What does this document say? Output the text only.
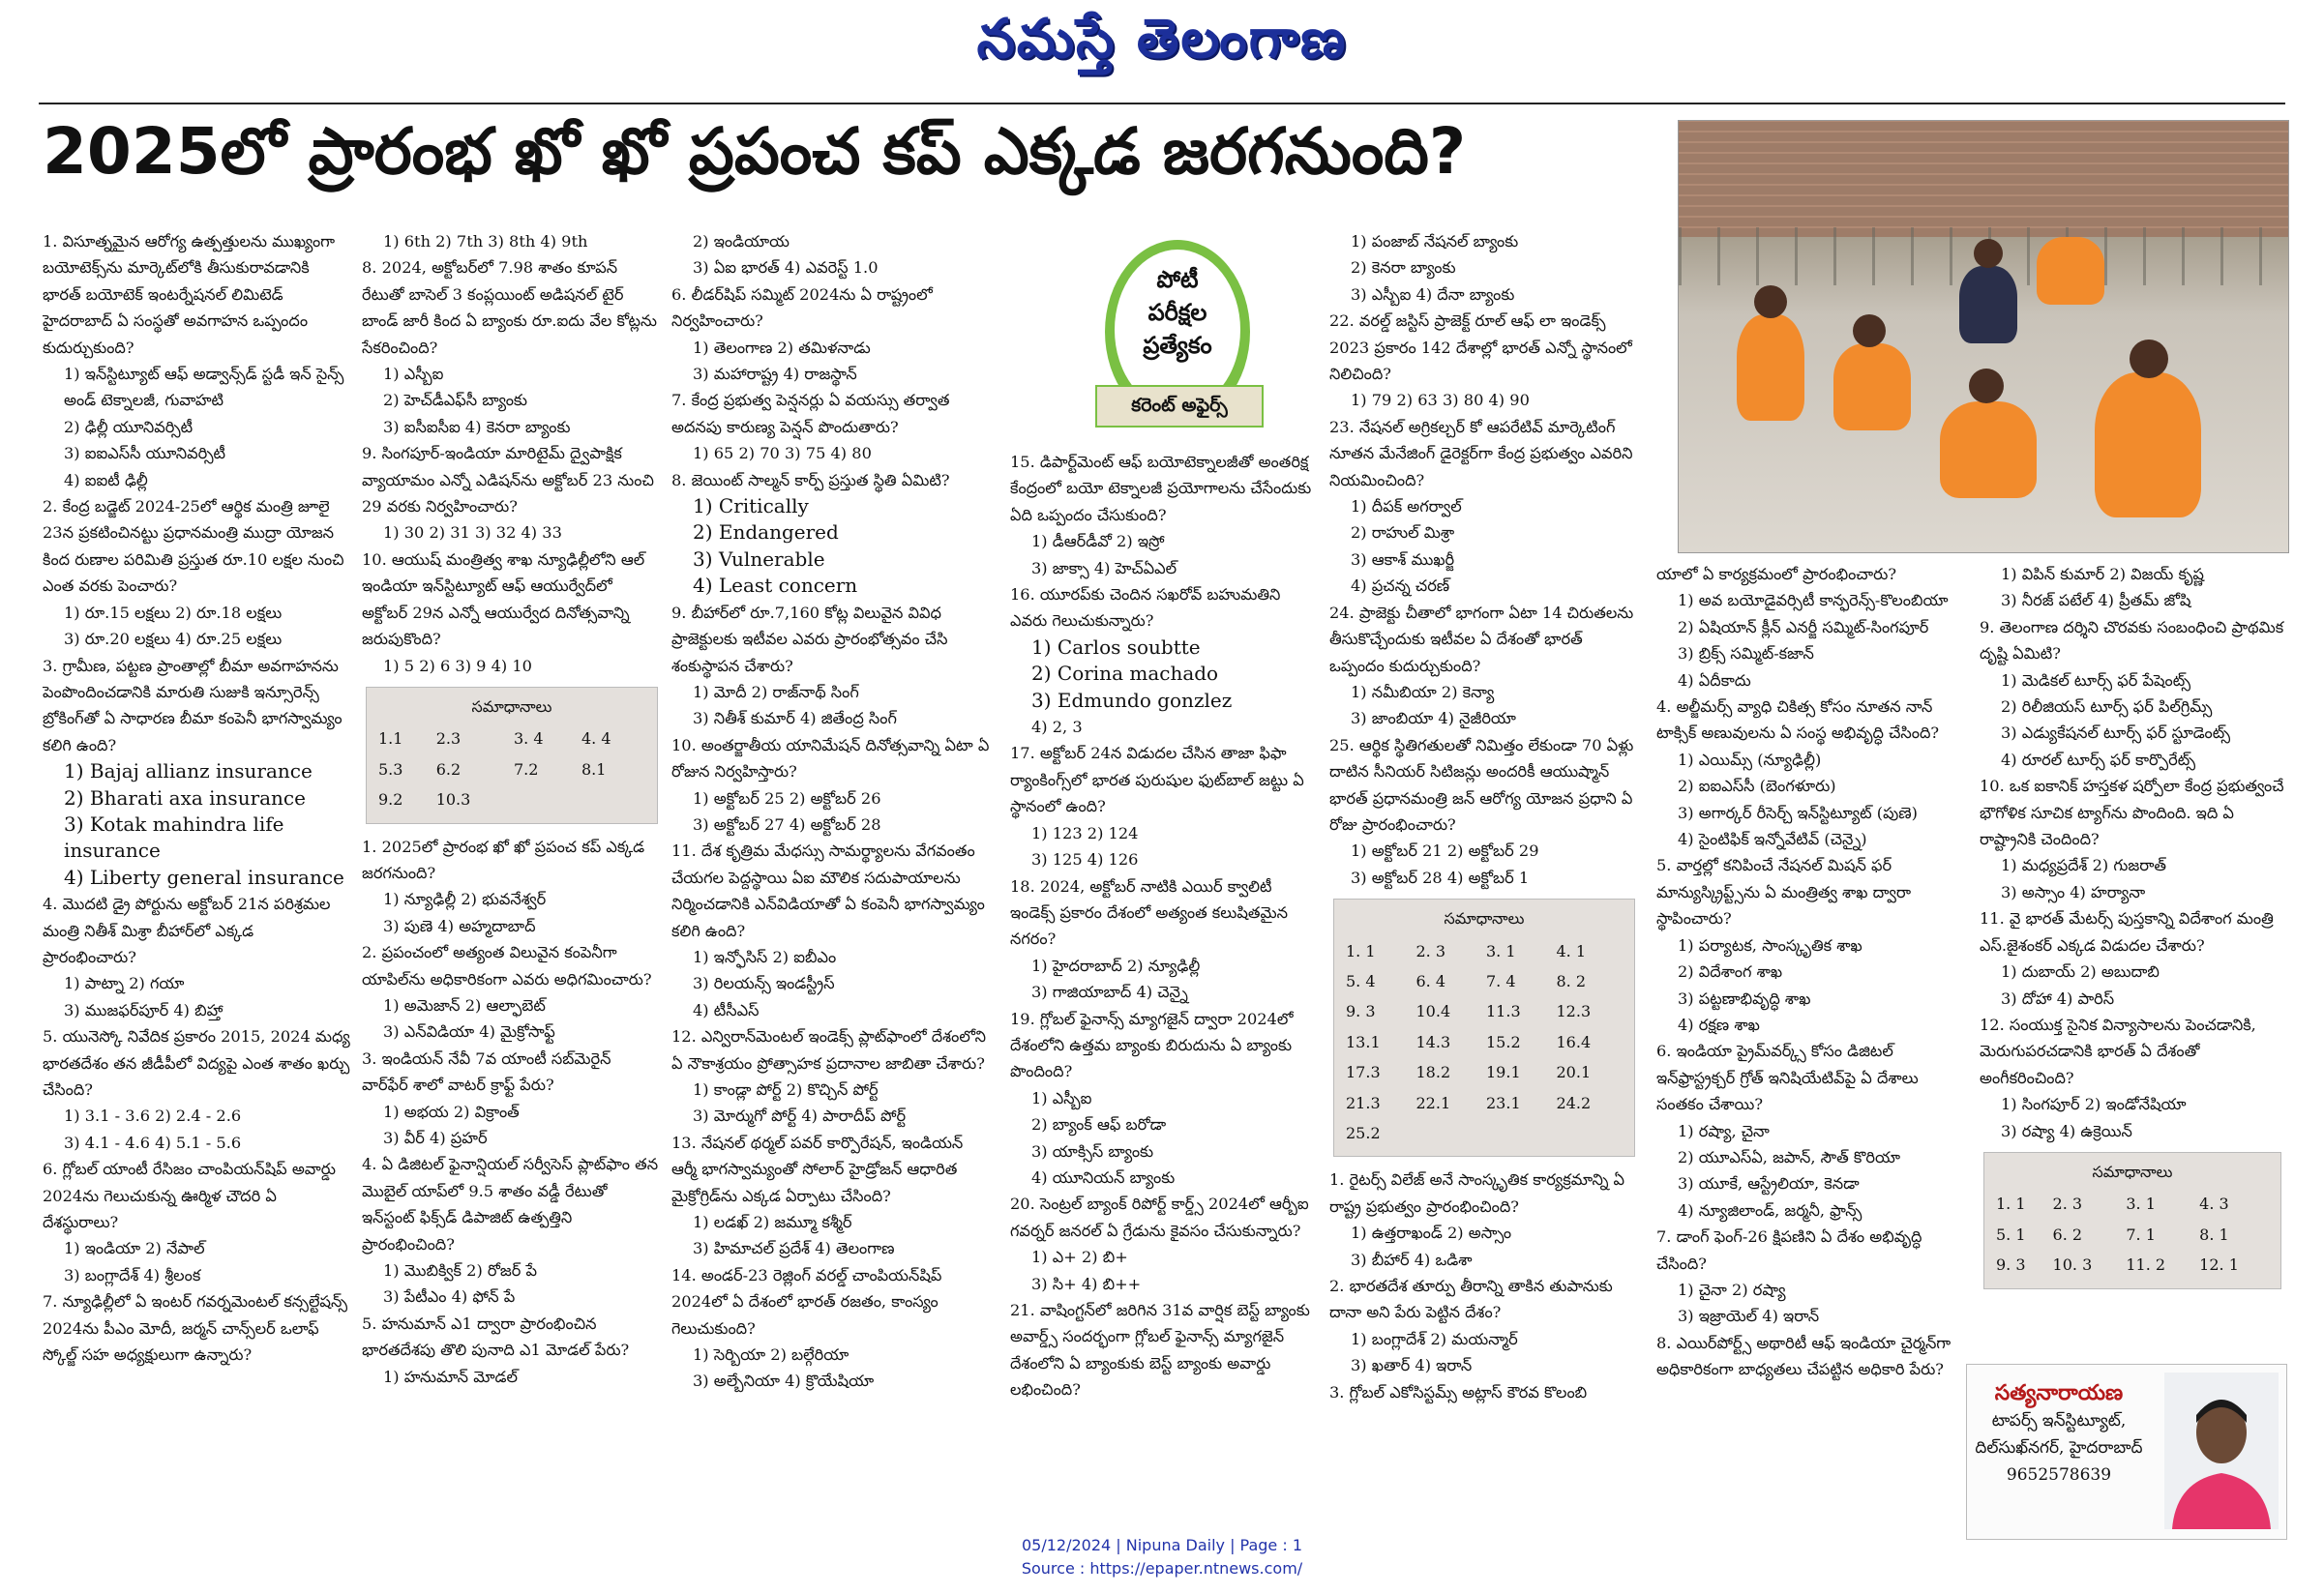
నమస్తే తెలంగాణ
2025లో ప్రారంభ ఖో ఖో ప్రపంచ కప్ ఎక్కడ జరగనుంది?
పోటీ
పరీక్షల
ప్రత్యేకం
కరెంట్ అఫైర్స్

1. విసూత్నమైన ఆరోగ్య ఉత్పత్తులను ముఖ్యంగా బయోటెక్స్‌ను మార్కెట్‌లోకి తీసుకురావడానికి భారత్ బయోటెక్ ఇంటర్నేషనల్ లిమిటెడ్ హైదరాబాద్ ఏ సంస్థతో అవగాహన ఒప్పందం కుదుర్చుకుంది?

1) ఇన్‌స్టిట్యూట్ ఆఫ్ అడ్వాన్స్‌డ్ స్టడీ ఇన్ సైన్స్ అండ్ టెక్నాలజీ, గువాహటి

2) ఢిల్లీ యూనివర్సిటీ

3) ఐఐఎస్‌సీ యూనివర్సిటీ

4) ఐఐటీ ఢిల్లీ

2. కేంద్ర బడ్జెట్ 2024-25లో ఆర్థిక మంత్రి జూలై 23న ప్రకటించినట్టు ప్రధానమంత్రి ముద్రా యోజన కింద రుణాల పరిమితి ప్రస్తుత రూ.10 లక్షల నుంచి ఎంత వరకు పెంచారు?

1) రూ.15 లక్షలు 2) రూ.18 లక్షలు

3) రూ.20 లక్షలు 4) రూ.25 లక్షలు

3. గ్రామీణ, పట్టణ ప్రాంతాల్లో బీమా అవగాహనను పెంపొందించడానికి మారుతి సుజుకి ఇన్సూరెన్స్ బ్రోకింగ్‌తో ఏ సాధారణ బీమా కంపెనీ భాగస్వామ్యం కలిగి ఉంది?

1) Bajaj allianz insurance

2) Bharati axa insurance

3) Kotak mahindra life insurance

4) Liberty general insurance

4. మొదటి డ్రై పోర్టును అక్టోబర్ 21న పరిశ్రమల మంత్రి నితీశ్ మిశ్రా బీహార్‌లో ఎక్కడ ప్రారంభించారు?

1) పాట్నా 2) గయా

3) ముజఫర్‌పూర్ 4) బిహ్తా

5. యునెస్కో నివేదిక ప్రకారం 2015, 2024 మధ్య భారతదేశం తన జీడీపీలో విద్యపై ఎంత శాతం ఖర్చు చేసింది?

1) 3.1 - 3.6 2) 2.4 - 2.6

3) 4.1 - 4.6 4) 5.1 - 5.6

6. గ్లోబల్ యాంటీ రేసిజం చాంపియన్‌షిప్ అవార్డు 2024ను గెలుచుకున్న ఊర్మిళ చౌదరి ఏ దేశస్థురాలు?

1) ఇండియా 2) నేపాల్

3) బంగ్లాదేశ్ 4) శ్రీలంక

7. న్యూఢిల్లీలో ఏ ఇంటర్ గవర్నమెంటల్ కన్సల్టేషన్స్ 2024ను పీఎం మోదీ, జర్మన్ చాన్స్‌లర్ ఒలాఫ్ స్కోల్జ్ సహ అధ్యక్షులుగా ఉన్నారు?

1) 6th 2) 7th 3) 8th 4) 9th

8. 2024, అక్టోబర్‌లో 7.98 శాతం కూపన్ రేటుతో బాసెల్ 3 కంప్లయింట్ అడిషనల్ టైర్ బాండ్ జారీ కింద ఏ బ్యాంకు రూ.ఐదు వేల కోట్లను సేకరించింది?

1) ఎస్బీఐ

2) హెచ్‌డీఎఫ్‌సీ బ్యాంకు

3) ఐసీఐసీఐ 4) కెనరా బ్యాంకు

9. సింగపూర్-ఇండియా మారిటైమ్ ద్వైపాక్షిక వ్యాయామం ఎన్నో ఎడిషన్‌ను అక్టోబర్ 23 నుంచి 29 వరకు నిర్వహించారు?

1) 30 2) 31 3) 32 4) 33

10. ఆయుష్ మంత్రిత్వ శాఖ న్యూఢిల్లీలోని ఆల్ ఇండియా ఇన్‌స్టిట్యూట్ ఆఫ్ ఆయుర్వేద్‌లో అక్టోబర్ 29న ఎన్నో ఆయుర్వేద దినోత్సవాన్ని జరుపుకొంది?

1) 5 2) 6 3) 9 4) 10

సమాధానాలు
1.1	2.3	3. 4	4. 4
5.3	6.2	7.2	8.1
9.2	10.3		

1. 2025లో ప్రారంభ ఖో ఖో ప్రపంచ కప్ ఎక్కడ జరగనుంది?

1) న్యూఢిల్లీ 2) భువనేశ్వర్

3) పుణె 4) అహ్మదాబాద్

2. ప్రపంచంలో అత్యంత విలువైన కంపెనీగా యాపిల్‌ను అధికారికంగా ఎవరు అధిగమించారు?

1) అమెజాన్ 2) ఆల్ఫాబెట్

3) ఎన్‌విడియా 4) మైక్రోసాఫ్ట్

3. ఇండియన్ నేవీ 7వ యాంటీ సబ్‌మెరైన్ వార్‌ఫేర్ శాలో వాటర్ క్రాఫ్ట్ పేరు?

1) అభయ 2) విక్రాంత్

3) వీర్ 4) ప్రహర్

4. ఏ డిజిటల్ ఫైనాన్షియల్ సర్వీసెస్ ప్లాట్‌ఫాం తన మొబైల్ యాప్‌లో 9.5 శాతం వడ్డీ రేటుతో ఇన్‌స్టంట్ ఫిక్స్‌డ్ డిపాజిట్ ఉత్పత్తిని ప్రారంభించింది?

1) మొబిక్విక్ 2) రోజర్ పే

3) పేటీఎం 4) ఫోన్ పే

5. హనుమాన్ ఎ1 ద్వారా ప్రారంభించిన భారతదేశపు తొలి పునాది ఎ1 మోడల్ పేరు?

1) హనుమాన్ మోడల్

2) ఇండియాయ

3) ఏఐ భారత్ 4) ఎవరెస్ట్ 1.0

6. లీడర్‌షిప్ సమ్మిట్ 2024ను ఏ రాష్ట్రంలో నిర్వహించారు?

1) తెలంగాణ 2) తమిళనాడు

3) మహారాష్ట్ర 4) రాజస్థాన్

7. కేంద్ర ప్రభుత్వ పెన్షనర్లు ఏ వయస్సు తర్వాత అదనపు కారుణ్య పెన్షన్ పొందుతారు?

1) 65 2) 70 3) 75 4) 80

8. జెయింట్ సాల్మన్ కార్ప్ ప్రస్తుత స్థితి ఏమిటి?

1) Critically

2) Endangered

3) Vulnerable

4) Least concern

9. బీహార్‌లో రూ.7,160 కోట్ల విలువైన వివిధ ప్రాజెక్టులకు ఇటీవల ఎవరు ప్రారంభోత్సవం చేసి శంకుస్థాపన చేశారు?

1) మోదీ 2) రాజ్‌నాథ్ సింగ్

3) నితీశ్ కుమార్ 4) జితేంద్ర సింగ్

10. అంతర్జాతీయ యానిమేషన్ దినోత్సవాన్ని ఏటా ఏ రోజున నిర్వహిస్తారు?

1) అక్టోబర్ 25 2) అక్టోబర్ 26

3) అక్టోబర్ 27 4) అక్టోబర్ 28

11. దేశ కృత్రిమ మేధస్సు సామర్థ్యాలను వేగవంతం చేయగల పెద్దస్థాయి ఏఐ మౌలిక సదుపాయాలను నిర్మించడానికి ఎన్‌విడియాతో ఏ కంపెనీ భాగస్వామ్యం కలిగి ఉంది?

1) ఇన్ఫోసిస్ 2) ఐబీఎం

3) రిలయన్స్ ఇండస్ట్రీస్

4) టీసీఎస్

12. ఎన్విరాన్‌మెంటల్ ఇండెక్స్ ప్లాట్‌ఫాంలో దేశంలోని ఏ నౌకాశ్రయం ప్రోత్సాహక ప్రదానాల జాబితా చేశారు?

1) కాండ్లా పోర్ట్ 2) కొచ్చిన్ పోర్ట్

3) మోర్ముగో పోర్ట్ 4) పారాదీప్ పోర్ట్

13. నేషనల్ థర్మల్ పవర్ కార్పొరేషన్, ఇండియన్ ఆర్మీ భాగస్వామ్యంతో సోలార్ హైడ్రోజన్ ఆధారిత మైక్రోగ్రిడ్‌ను ఎక్కడ ఏర్పాటు చేసింది?

1) లడఖ్ 2) జమ్మూ కశ్మీర్

3) హిమాచల్ ప్రదేశ్ 4) తెలంగాణ

14. అండర్-23 రెజ్లింగ్ వరల్డ్ చాంపియన్‌షిప్ 2024లో ఏ దేశంలో భారత్ రజతం, కాంస్యం గెలుచుకుంది?

1) సెర్బియా 2) బల్గేరియా

3) అల్బేనియా 4) క్రొయేషియా

15. డిపార్ట్‌మెంట్ ఆఫ్ బయోటెక్నాలజీతో అంతరిక్ష కేంద్రంలో బయో టెక్నాలజీ ప్రయోగాలను చేసేందుకు ఏది ఒప్పందం చేసుకుంది?

1) డీఆర్‌డీవో 2) ఇస్రో

3) జాక్సా 4) హెచ్ఏఎల్

16. యూరప్‌కు చెందిన సఖరోవ్ బహుమతిని ఎవరు గెలుచుకున్నారు?

1) Carlos soubtte

2) Corina machado

3) Edmundo gonzlez

4) 2, 3

17. అక్టోబర్ 24న విడుదల చేసిన తాజా ఫిఫా ర్యాంకింగ్స్‌లో భారత పురుషుల ఫుట్‌బాల్ జట్టు ఏ స్థానంలో ఉంది?

1) 123 2) 124

3) 125 4) 126

18. 2024, అక్టోబర్ నాటికి ఎయిర్ క్వాలిటీ ఇండెక్స్ ప్రకారం దేశంలో అత్యంత కలుషితమైన నగరం?

1) హైదరాబాద్ 2) న్యూఢిల్లీ

3) గాజియాబాద్ 4) చెన్నై

19. గ్లోబల్ ఫైనాన్స్ మ్యాగజైన్ ద్వారా 2024లో దేశంలోని ఉత్తమ బ్యాంకు బిరుదును ఏ బ్యాంకు పొందింది?

1) ఎస్బీఐ

2) బ్యాంక్ ఆఫ్ బరోడా

3) యాక్సిస్ బ్యాంకు

4) యూనియన్ బ్యాంకు

20. సెంట్రల్ బ్యాంక్ రిపోర్ట్ కార్డ్స్ 2024లో ఆర్బీఐ గవర్నర్ జనరల్ ఏ గ్రేడును కైవసం చేసుకున్నారు?

1) ఎ+ 2) బి+

3) సి+ 4) బి++

21. వాషింగ్టన్‌లో జరిగిన 31వ వార్షిక బెస్ట్ బ్యాంకు అవార్డ్స్ సందర్భంగా గ్లోబల్ ఫైనాన్స్ మ్యాగజైన్ దేశంలోని ఏ బ్యాంకుకు బెస్ట్ బ్యాంకు అవార్డు లభించింది?

1) పంజాబ్ నేషనల్ బ్యాంకు

2) కెనరా బ్యాంకు

3) ఎస్బీఐ 4) దేనా బ్యాంకు

22. వరల్డ్ జస్టిస్ ప్రాజెక్ట్ రూల్ ఆఫ్ లా ఇండెక్స్ 2023 ప్రకారం 142 దేశాల్లో భారత్ ఎన్నో స్థానంలో నిలిచింది?

1) 79 2) 63 3) 80 4) 90

23. నేషనల్ అగ్రికల్చర్ కో ఆపరేటివ్ మార్కెటింగ్ నూతన మేనేజింగ్ డైరెక్టర్‌గా కేంద్ర ప్రభుత్వం ఎవరిని నియమించింది?

1) దీపక్ అగర్వాల్

2) రాహుల్ మిశ్రా

3) ఆకాశ్ ముఖర్జీ

4) ప్రచన్న చరణ్

24. ప్రాజెక్టు చీతాలో భాగంగా ఏటా 14 చిరుతలను తీసుకొచ్చేందుకు ఇటీవల ఏ దేశంతో భారత్ ఒప్పందం కుదుర్చుకుంది?

1) నమీబియా 2) కెన్యా

3) జాంబియా 4) నైజీరియా

25. ఆర్థిక స్థితిగతులతో నిమిత్తం లేకుండా 70 ఏళ్లు దాటిన సీనియర్ సిటిజన్లు అందరికీ ఆయుష్మాన్ భారత్ ప్రధానమంత్రి జన్ ఆరోగ్య యోజన ప్రధాని ఏ రోజు ప్రారంభించారు?

1) అక్టోబర్ 21 2) అక్టోబర్ 29

3) అక్టోబర్ 28 4) అక్టోబర్ 1

సమాధానాలు
1. 1	2. 3	3. 1	4. 1
5. 4	6. 4	7. 4	8. 2
9. 3	10.4	11.3	12.3
13.1	14.3	15.2	16.4
17.3	18.2	19.1	20.1
21.3	22.1	23.1	24.2
25.2			

1. రైటర్స్ విలేజ్ అనే సాంస్కృతిక కార్యక్రమాన్ని ఏ రాష్ట్ర ప్రభుత్వం ప్రారంభించింది?

1) ఉత్తరాఖండ్ 2) అస్సాం

3) బీహార్ 4) ఒడిశా

2. భారతదేశ తూర్పు తీరాన్ని తాకిన తుపానుకు దానా అని పేరు పెట్టిన దేశం?

1) బంగ్లాదేశ్ 2) మయన్మార్

3) ఖతార్ 4) ఇరాన్

3. గ్లోబల్ ఎకోసిస్టమ్స్ అట్లాస్ కౌరవ కొలంబి

యాలో ఏ కార్యక్రమంలో ప్రారంభించారు?

1) అవ బయోడైవర్సిటీ కాన్ఫరెన్స్-కొలంబియా

2) ఏషియాన్ క్లీన్ ఎనర్జీ సమ్మిట్-సింగపూర్

3) బ్రిక్స్ సమ్మిట్-కజాన్

4) ఏదీకాదు

4. అల్జీమర్స్ వ్యాధి చికిత్స కోసం నూతన నాన్ టాక్సిక్ అణువులను ఏ సంస్థ అభివృద్ధి చేసింది?

1) ఎయిమ్స్ (న్యూఢిల్లీ)

2) ఐఐఎస్‌సీ (బెంగళూరు)

3) అగార్కర్ రీసెర్చ్ ఇన్‌స్టిట్యూట్ (పుణె)

4) సైంటిఫిక్ ఇన్నోవేటివ్ (చెన్నై)

5. వార్తల్లో కనిపించే నేషనల్ మిషన్ ఫర్ మాన్యుస్క్రిప్ట్స్‌ను ఏ మంత్రిత్వ శాఖ ద్వారా స్థాపించారు?

1) పర్యాటక, సాంస్కృతిక శాఖ

2) విదేశాంగ శాఖ

3) పట్టణాభివృద్ధి శాఖ

4) రక్షణ శాఖ

6. ఇండియా ప్రైమ్‌వర్క్స్ కోసం డిజిటల్ ఇన్‌ఫ్రాస్ట్రక్చర్ గ్రోత్ ఇనిషియేటివ్‌పై ఏ దేశాలు సంతకం చేశాయి?

1) రష్యా, చైనా

2) యూఎస్ఏ, జపాన్, సౌత్ కొరియా

3) యూకే, ఆస్ట్రేలియా, కెనడా

4) న్యూజిలాండ్, జర్మనీ, ఫ్రాన్స్

7. డాంగ్ ఫెంగ్-26 క్షిపణిని ఏ దేశం అభివృద్ధి చేసింది?

1) చైనా 2) రష్యా

3) ఇజ్రాయెల్ 4) ఇరాన్

8. ఎయిర్‌పోర్ట్స్ అథారిటీ ఆఫ్ ఇండియా చైర్మన్‌గా అధికారికంగా బాధ్యతలు చేపట్టిన అధికారి పేరు?

1) విపిన్ కుమార్ 2) విజయ్ కృష్ణ

3) నీరజ్ పటేల్ 4) ప్రీతమ్ జోషి

9. తెలంగాణ దర్శిని చొరవకు సంబంధించి ప్రాథమిక దృష్టి ఏమిటి?

1) మెడికల్ టూర్స్ ఫర్ పేషెంట్స్

2) రిలీజియస్ టూర్స్ ఫర్ పిల్‌గ్రిమ్స్

3) ఎడ్యుకేషనల్ టూర్స్ ఫర్ స్టూడెంట్స్

4) రూరల్ టూర్స్ ఫర్ కార్పొరేట్స్

10. ఒక ఐకానిక్ హస్తకళ షర్పోలా కేంద్ర ప్రభుత్వంచే భౌగోళిక సూచిక ట్యాగ్‌ను పొందింది. ఇది ఏ రాష్ట్రానికి చెందింది?

1) మధ్యప్రదేశ్ 2) గుజరాత్

3) అస్సాం 4) హర్యానా

11. వై భారత్ మేటర్స్ పుస్తకాన్ని విదేశాంగ మంత్రి ఎస్.జైశంకర్ ఎక్కడ విడుదల చేశారు?

1) దుబాయ్ 2) అబుదాబి

3) దోహా 4) పారిస్

12. సంయుక్త సైనిక విన్యాసాలను పెంచడానికి, మెరుగుపరచడానికి భారత్ ఏ దేశంతో అంగీకరించింది?

1) సింగపూర్ 2) ఇండోనేషియా

3) రష్యా 4) ఉక్రెయిన్

సమాధానాలు
1. 1	2. 3	3. 1	4. 3
5. 1	6. 2	7. 1	8. 1
9. 3	10. 3	11. 2	12. 1
సత్యనారాయణ
టాపర్స్ ఇన్‌స్టిట్యూట్,
దిల్‌సుఖ్‌నగర్, హైదరాబాద్
9652578639
05/12/2024 | Nipuna Daily | Page : 1
Source : https://epaper.ntnews.com/
